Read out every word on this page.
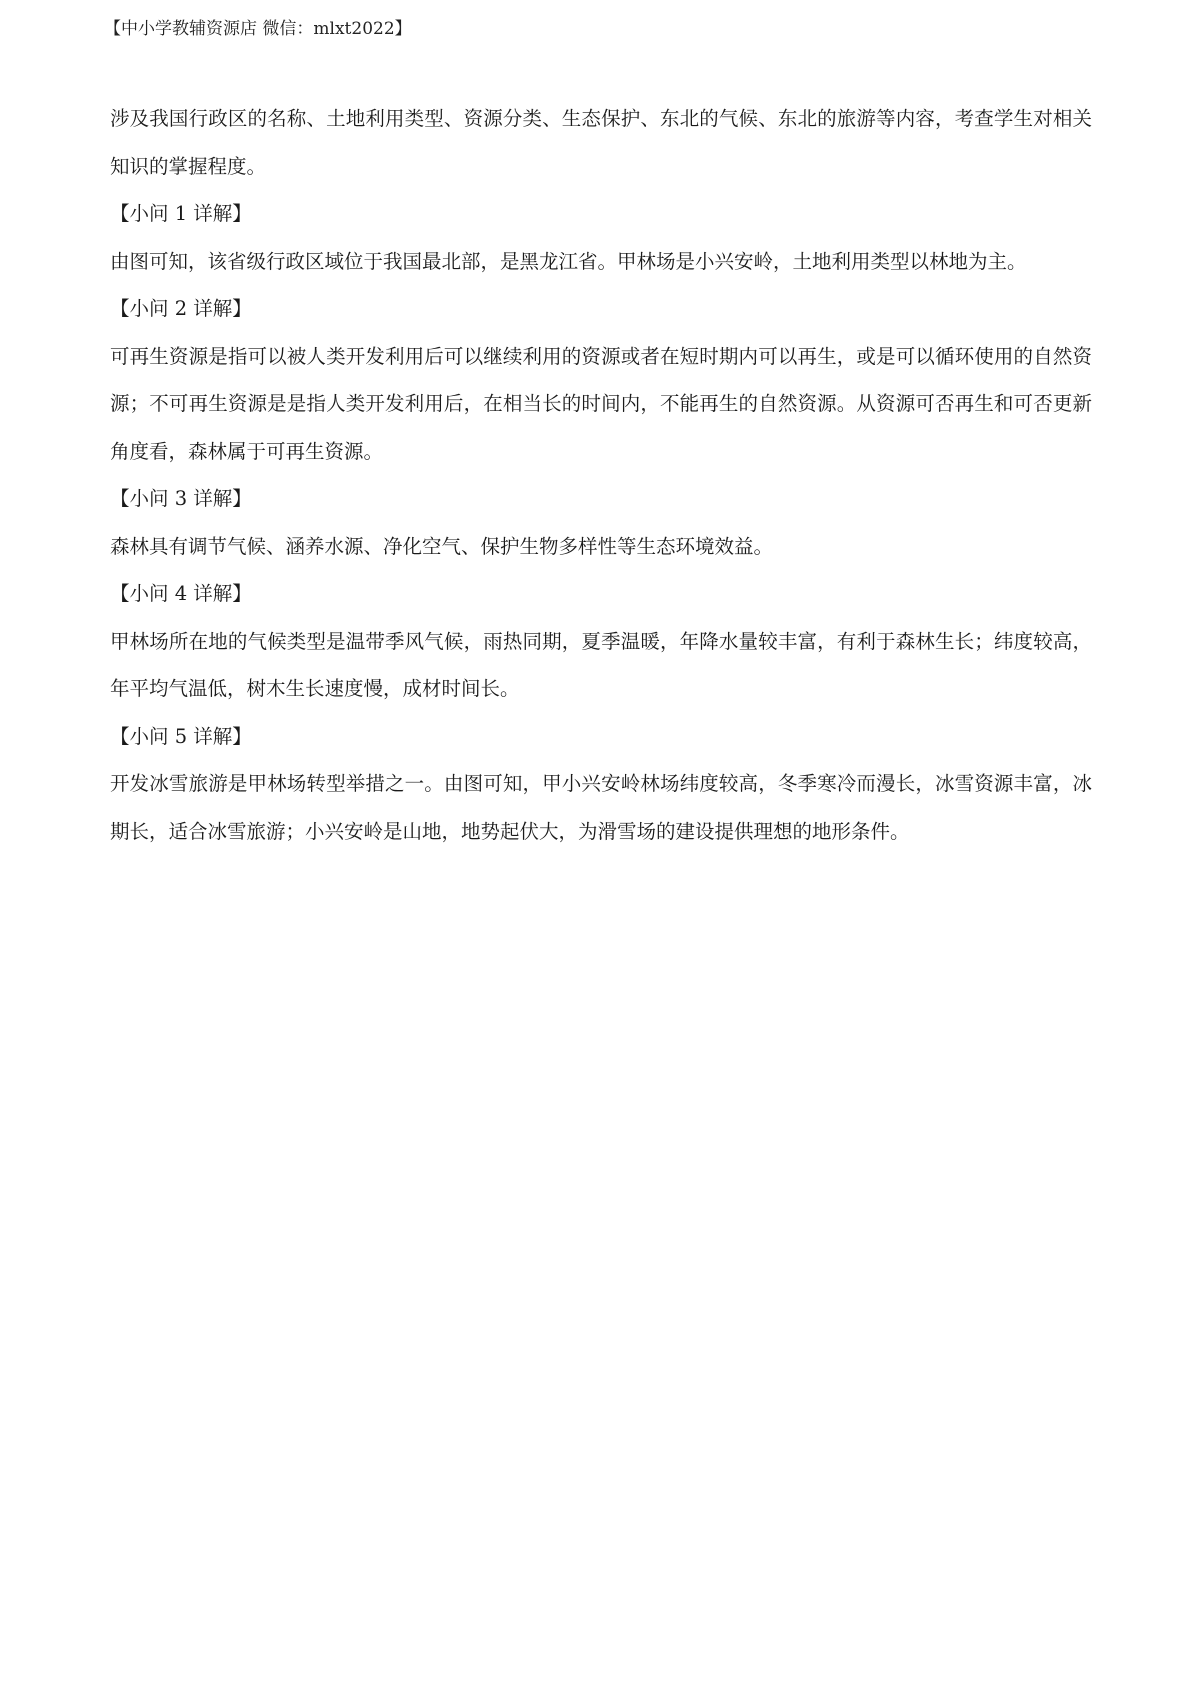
【中小学教辅资源店 微信：mlxt2022】

涉及我国行政区的名称、土地利用类型、资源分类、生态保护、东北的气候、东北的旅游等内容，考查学生对相关知识的掌握程度。

【小问 1 详解】

由图可知，该省级行政区域位于我国最北部，是黑龙江省。甲林场是小兴安岭，土地利用类型以林地为主。

【小问 2 详解】

可再生资源是指可以被人类开发利用后可以继续利用的资源或者在短时期内可以再生，或是可以循环使用的自然资源；不可再生资源是是指人类开发利用后，在相当长的时间内，不能再生的自然资源。从资源可否再生和可否更新角度看，森林属于可再生资源。

【小问 3 详解】

森林具有调节气候、涵养水源、净化空气、保护生物多样性等生态环境效益。

【小问 4 详解】

甲林场所在地的气候类型是温带季风气候，雨热同期，夏季温暖，年降水量较丰富，有利于森林生长；纬度较高，年平均气温低，树木生长速度慢，成材时间长。

【小问 5 详解】

开发冰雪旅游是甲林场转型举措之一。由图可知，甲小兴安岭林场纬度较高，冬季寒冷而漫长，冰雪资源丰富，冰期长，适合冰雪旅游；小兴安岭是山地，地势起伏大，为滑雪场的建设提供理想的地形条件。
